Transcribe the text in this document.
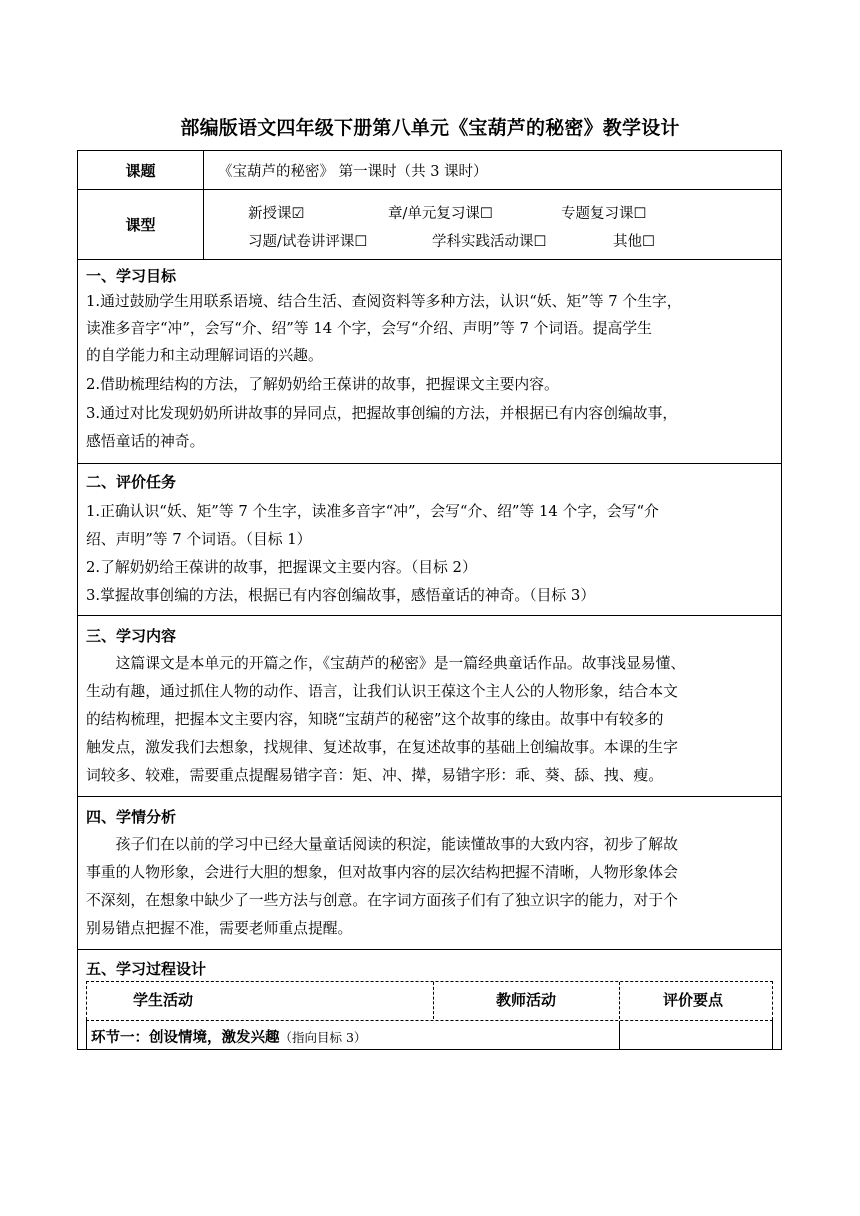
部编版语文四年级下册第八单元《宝葫芦的秘密》教学设计
课题	《宝葫芦的秘密》 第一课时（共 3 课时）
课型
新授课☑	章/单元复习课☐	专题复习课☐
习题/试卷讲评课☐	学科实践活动课☐	其他☐
一、学习目标
1.通过鼓励学生用联系语境、结合生活、查阅资料等多种方法，认识“妖、矩”等 7 个生字，
读准多音字“冲”，会写“介、绍”等 14 个字，会写“介绍、声明”等 7 个词语。提高学生
的自学能力和主动理解词语的兴趣。
2.借助梳理结构的方法，了解奶奶给王葆讲的故事，把握课文主要内容。
3.通过对比发现奶奶所讲故事的异同点，把握故事创编的方法，并根据已有内容创编故事，
感悟童话的神奇。
二、评价任务
1.正确认识“妖、矩”等 7 个生字，读准多音字“冲”，会写“介、绍”等 14 个字，会写“介
绍、声明”等 7 个词语。（目标 1）
2.了解奶奶给王葆讲的故事，把握课文主要内容。（目标 2）
3.掌握故事创编的方法，根据已有内容创编故事，感悟童话的神奇。（目标 3）
三、学习内容
　　这篇课文是本单元的开篇之作，《宝葫芦的秘密》是一篇经典童话作品。故事浅显易懂、
生动有趣，通过抓住人物的动作、语言，让我们认识王葆这个主人公的人物形象，结合本文
的结构梳理，把握本文主要内容，知晓“宝葫芦的秘密”这个故事的缘由。故事中有较多的
触发点，激发我们去想象，找规律、复述故事，在复述故事的基础上创编故事。本课的生字
词较多、较难，需要重点提醒易错字音：矩、冲、撵，易错字形：乖、葵、舔、拽、瘦。
四、学情分析
　　孩子们在以前的学习中已经大量童话阅读的积淀，能读懂故事的大致内容，初步了解故
事重的人物形象，会进行大胆的想象，但对故事内容的层次结构把握不清晰，人物形象体会
不深刻，在想象中缺少了一些方法与创意。在字词方面孩子们有了独立识字的能力，对于个
别易错点把握不准，需要老师重点提醒。
五、学习过程设计
学生活动	教师活动	评价要点
环节一：创设情境，激发兴趣（指向目标 3）
